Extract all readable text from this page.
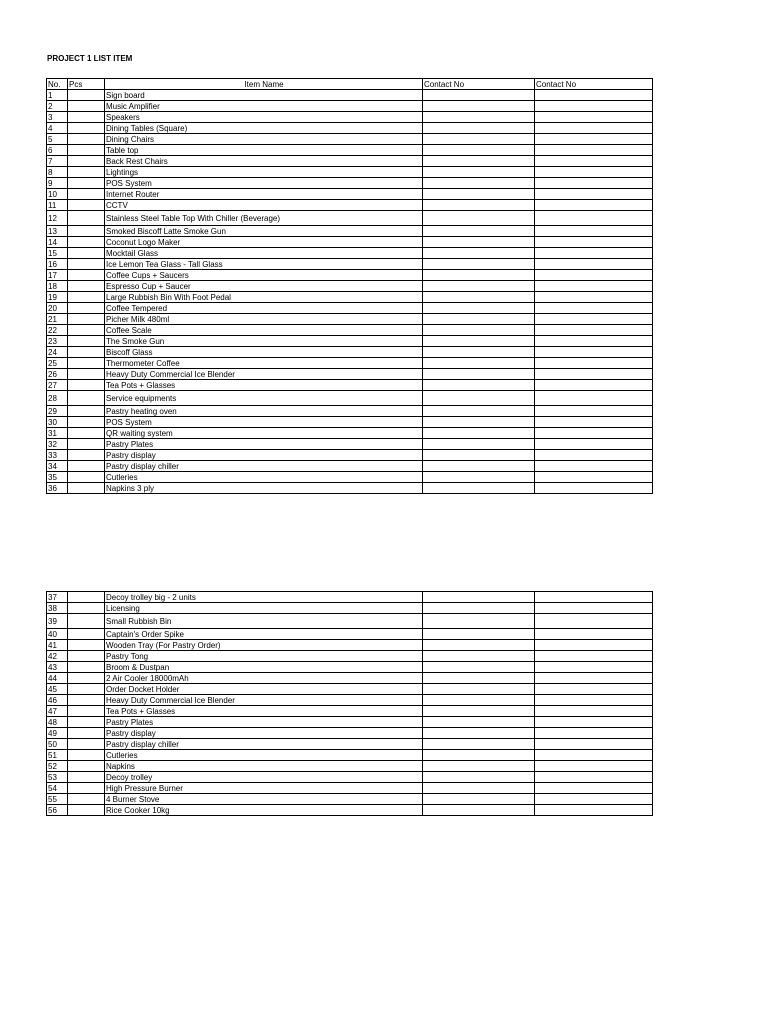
PROJECT 1 LIST ITEM
No.	Pcs	Item Name	Contact No	Contact No
1		Sign board		
2		Music Amplifier		
3		Speakers		
4		Dining Tables (Square)		
5		Dining Chairs		
6		Table top		
7		Back Rest Chairs		
8		Lightings		
9		POS System		
10		Internet Router		
11		CCTV		
12		Stainless Steel Table Top With Chiller (Beverage)		
13		Smoked Biscoff Latte Smoke Gun		
14		Coconut Logo Maker		
15		Mocktail Glass		
16		Ice Lemon Tea Glass - Tall Glass		
17		Coffee Cups + Saucers		
18		Espresso Cup + Saucer		
19		Large Rubbish Bin With Foot Pedal		
20		Coffee Tempered		
21		Picher Milk 480ml		
22		Coffee Scale		
23		The Smoke Gun		
24		Biscoff Glass		
25		Thermometer Coffee		
26		Heavy Duty Commercial Ice Blender		
27		Tea Pots + Glasses		
28		Service equipments		
29		Pastry heating oven		
30		POS System		
31		QR waiting system		
32		Pastry Plates		
33		Pastry display		
34		Pastry display chiller		
35		Cutleries		
36		Napkins 3 ply		
37		Decoy trolley big - 2 units		
38		Licensing		
39		Small Rubbish Bin		
40		Captain's Order Spike		
41		Wooden Tray (For Pastry Order)		
42		Pastry Tong		
43		Broom & Dustpan		
44		2 Air Cooler 18000mAh		
45		Order Docket Holder		
46		Heavy Duty Commercial Ice Blender		
47		Tea Pots + Glasses		
48		Pastry Plates		
49		Pastry display		
50		Pastry display chiller		
51		Cutleries		
52		Napkins		
53		Decoy trolley		
54		High Pressure Burner		
55		4 Burner Stove		
56		Rice Cooker 10kg		
